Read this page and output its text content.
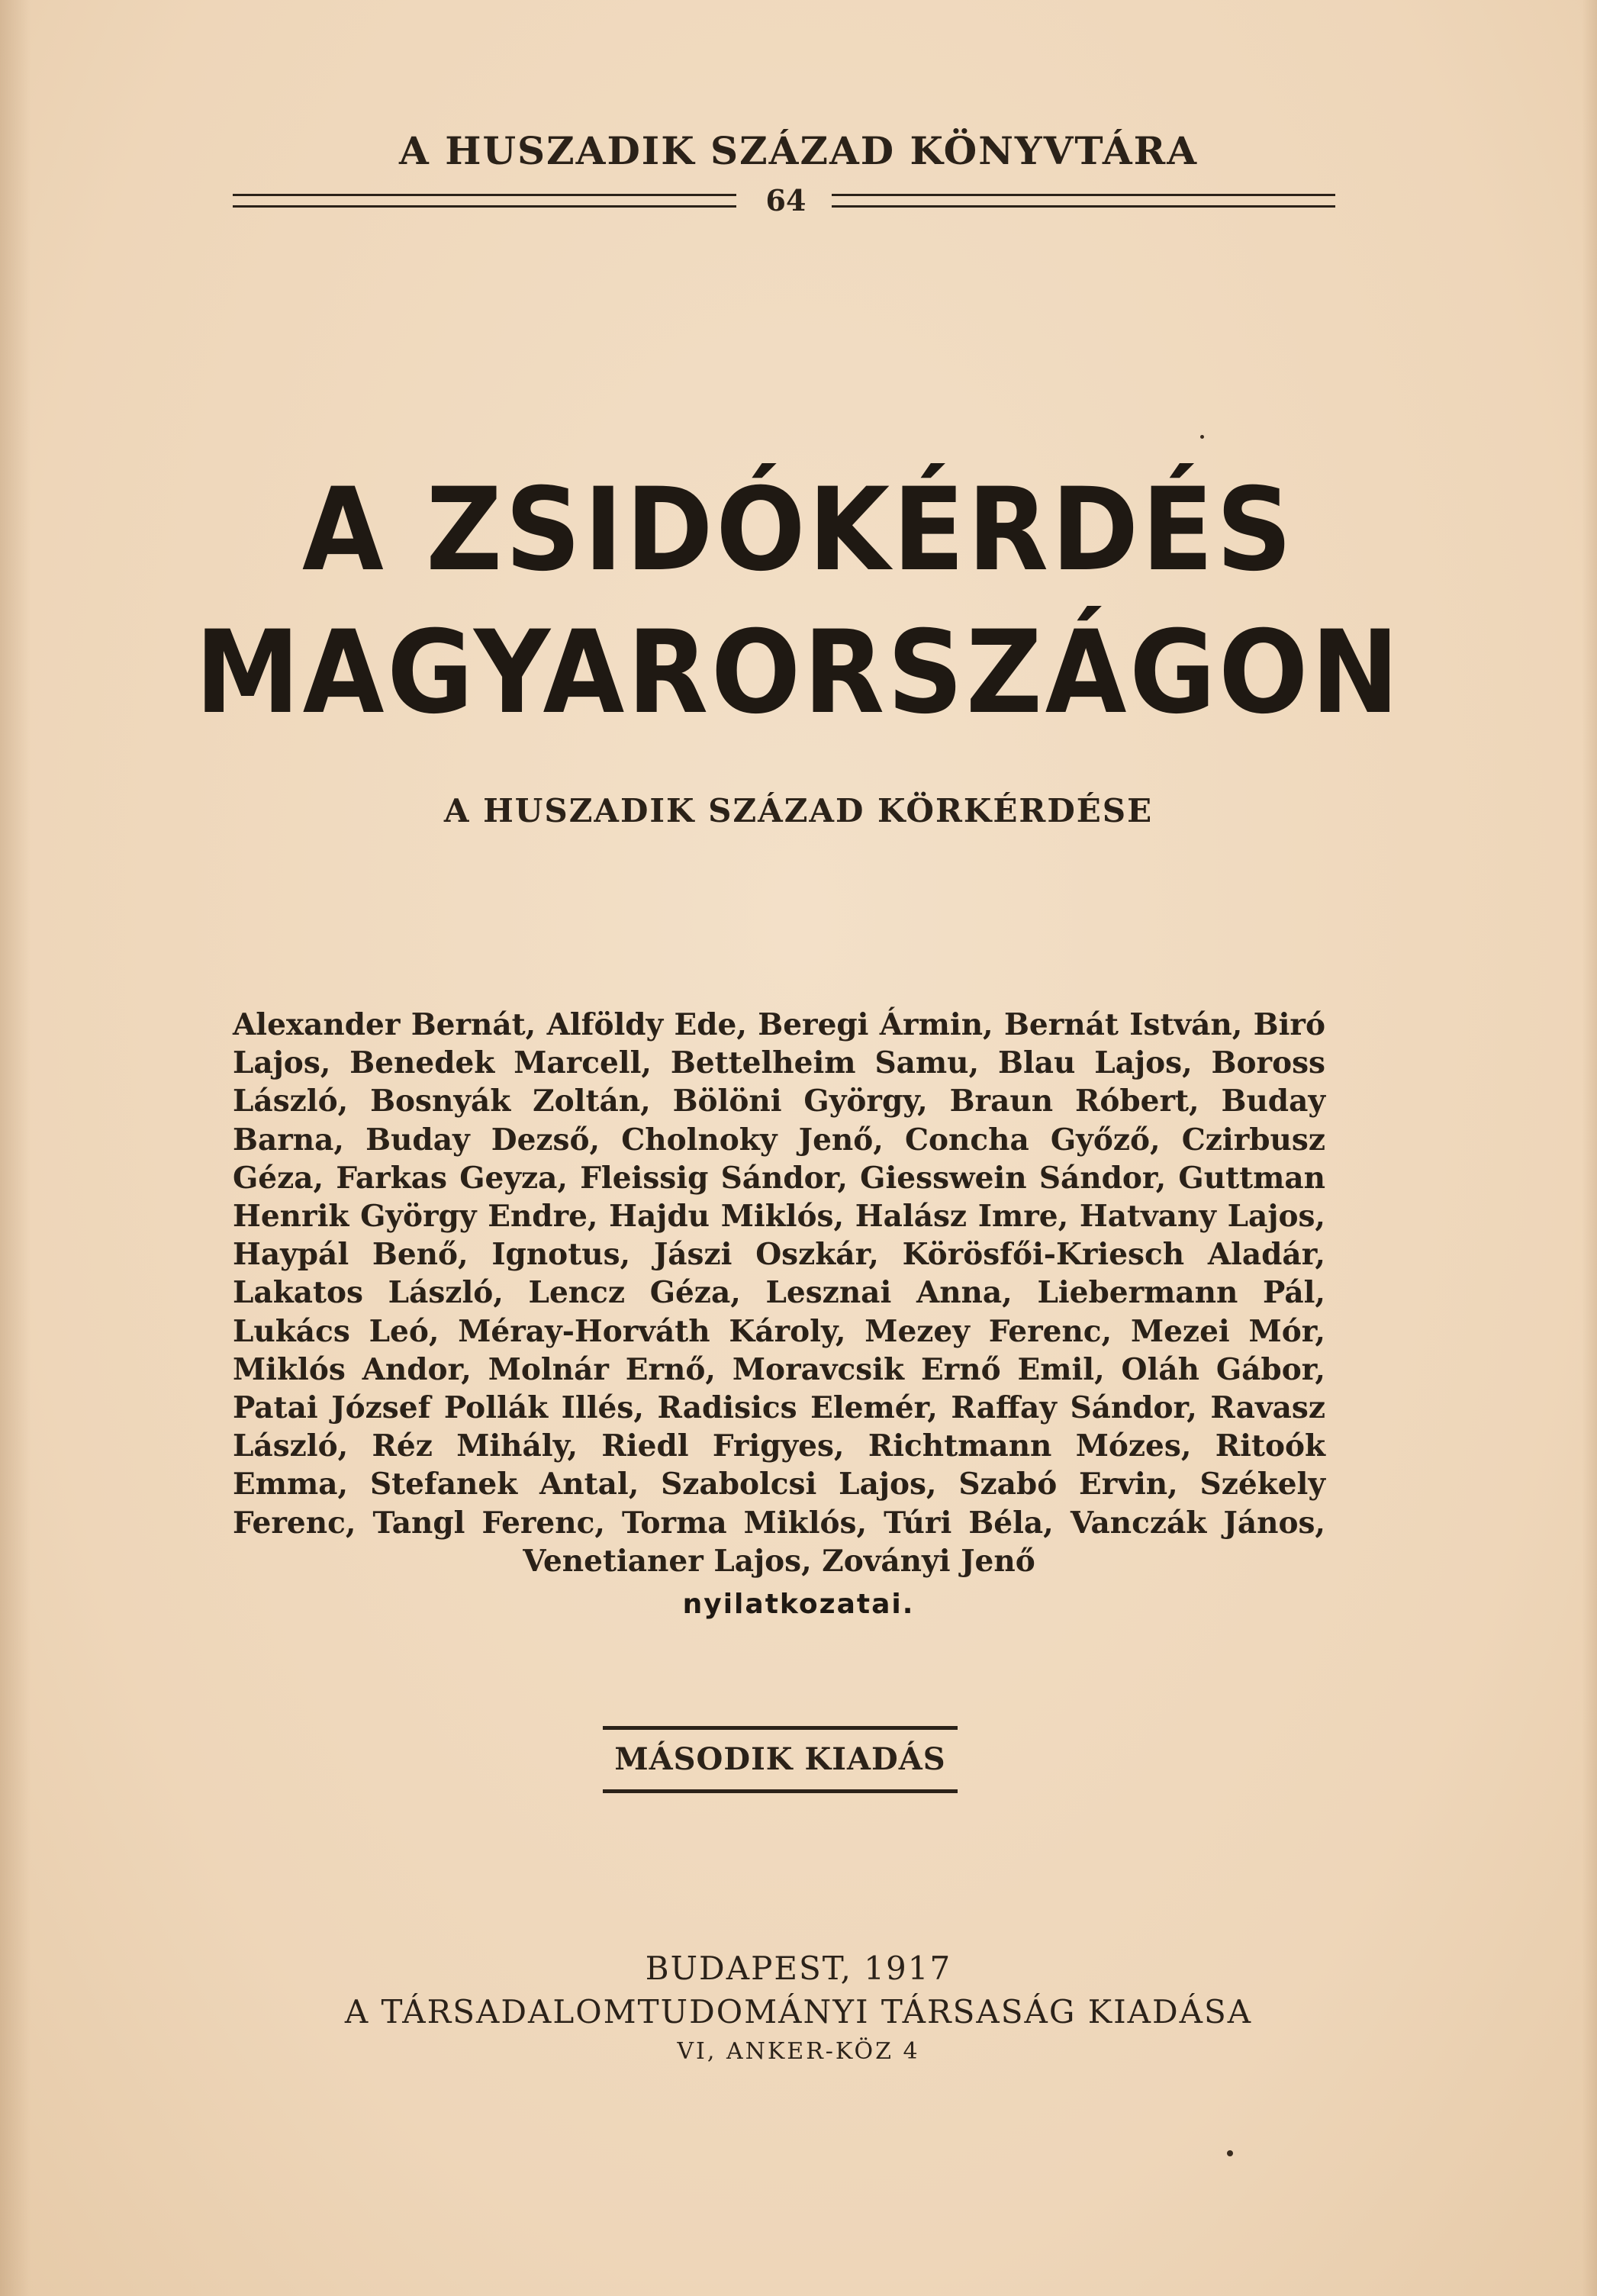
A HUSZADIK SZÁZAD KÖNYVTÁRA
64
A ZSIDÓKÉRDÉS
MAGYARORSZÁGON
A HUSZADIK SZÁZAD KÖRKÉRDÉSE
Alexander Bernát, Alföldy Ede, Beregi Ármin, Bernát István, Biró Lajos, Benedek Marcell, Bettelheim Samu, Blau Lajos, Boross László, Bosnyák Zoltán, Bölöni György, Braun Róbert, Buday Barna, Buday Dezső, Cholnoky Jenő, Concha Győző, Czirbusz Géza, Farkas Geyza, Fleissig Sándor, Giesswein Sándor, Guttman Henrik György Endre, Hajdu Miklós, Halász Imre, Hatvany Lajos, Haypál Benő, Ignotus, Jászi Oszkár, Körösfői-Kriesch Aladár, Lakatos László, Lencz Géza, Lesznai Anna, Liebermann Pál, Lukács Leó, Méray-Horváth Károly, Mezey Ferenc, Mezei Mór, Miklós Andor, Molnár Ernő, Moravcsik Ernő Emil, Oláh Gábor, Patai József Pollák Illés, Radisics Elemér, Raffay Sándor, Ravasz László, Réz Mihály, Riedl Frigyes, Richtmann Mózes, Ritoók Emma, Stefanek Antal, Szabolcsi Lajos, Szabó Ervin, Székely Ferenc, Tangl Ferenc, Torma Miklós, Túri Béla, Vanczák János, Venetianer Lajos, Zoványi Jenő
nyilatkozatai.
MÁSODIK KIADÁS
BUDAPEST, 1917
A TÁRSADALOMTUDOMÁNYI TÁRSASÁG KIADÁSA
VI, ANKER-KÖZ 4
